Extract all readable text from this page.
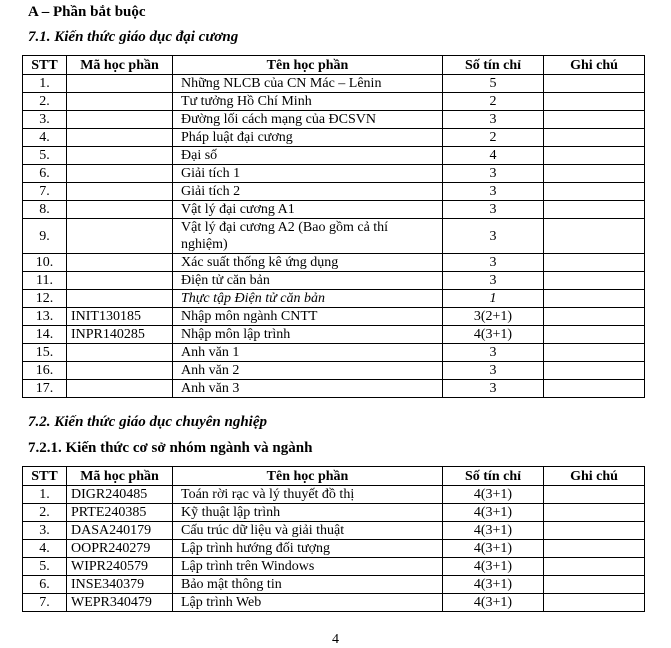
A – Phần bắt buộc
7.1. Kiến thức giáo dục đại cương
STT	Mã học phần	Tên học phần	Số tín chỉ	Ghi chú
1.		Những NLCB của CN Mác – Lênin	5	
2.		Tư tưởng Hồ Chí Minh	2	
3.		Đường lối cách mạng của ĐCSVN	3	
4.		Pháp luật đại cương	2	
5.		Đại số	4	
6.		Giải tích 1	3	
7.		Giải tích 2	3	
8.		Vật lý đại cương A1	3	
9.		Vật lý đại cương A2 (Bao gồm cả thí nghiệm)	3	
10.		Xác suất thống kê ứng dụng	3	
11.		Điện tử căn bản	3	
12.		Thực tập Điện tử căn bản	1	
13.	INIT130185	Nhập môn ngành CNTT	3(2+1)	
14.	INPR140285	Nhập môn lập trình	4(3+1)	
15.		Anh văn 1	3	
16.		Anh văn 2	3	
17.		Anh văn 3	3	
7.2. Kiến thức giáo dục chuyên nghiệp
7.2.1. Kiến thức cơ sở nhóm ngành và ngành
STT	Mã học phần	Tên học phần	Số tín chỉ	Ghi chú
1.	DIGR240485	Toán rời rạc và lý thuyết đồ thị	4(3+1)	
2.	PRTE240385	Kỹ thuật lập trình	4(3+1)	
3.	DASA240179	Cấu trúc dữ liệu và giải thuật	4(3+1)	
4.	OOPR240279	Lập trình hướng đối tượng	4(3+1)	
5.	WIPR240579	Lập trình trên Windows	4(3+1)	
6.	INSE340379	Bảo mật thông tin	4(3+1)	
7.	WEPR340479	Lập trình Web	4(3+1)	
4
